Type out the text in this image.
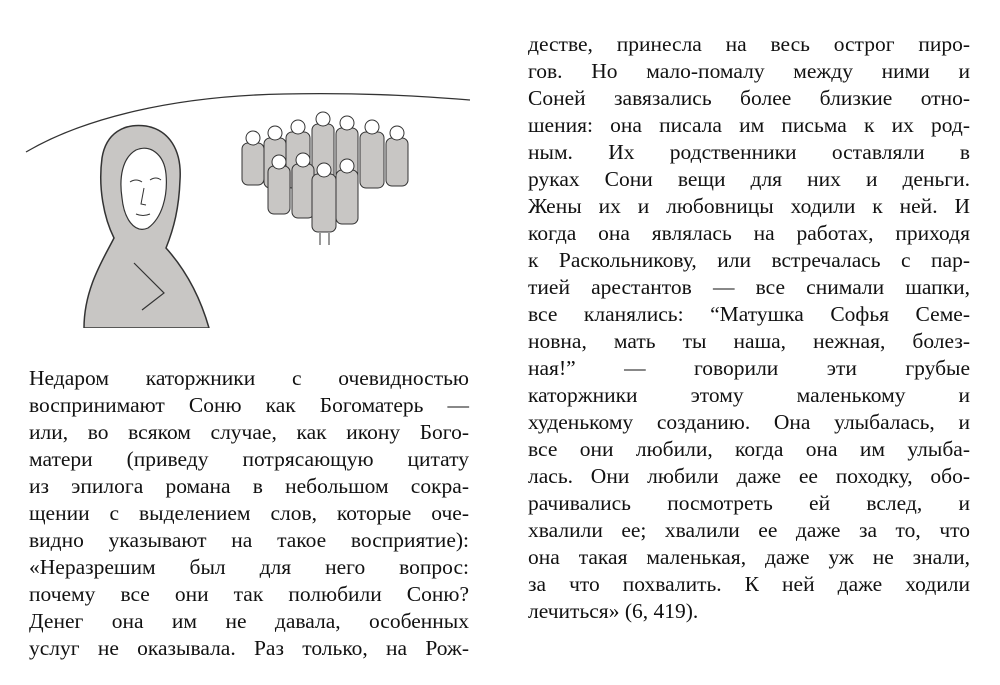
Недаром каторжники с очевидностью
воспринимают Соню как Богоматерь —
или, во всяком случае, как икону Бого-
матери (приведу потрясающую цитату
из эпилога романа в небольшом сокра-
щении с выделением слов, которые оче-
видно указывают на такое восприятие):
«Неразрешим был для него вопрос:
почему все они так полюбили Соню?
Денег она им не давала, особенных
услуг не оказывала. Раз только, на Рож-
дестве, принесла на весь острог пиро-
гов. Но мало-помалу между ними и
Соней завязались более близкие отно-
шения: она писала им письма к их род-
ным. Их родственники оставляли в
руках Сони вещи для них и деньги.
Жены их и любовницы ходили к ней. И
когда она являлась на работах, приходя
к Раскольникову, или встречалась с пар-
тией арестантов — все снимали шапки,
все кланялись: “Матушка Софья Семе-
новна, мать ты наша, нежная, болез-
ная!” — говорили эти грубые
каторжники этому маленькому и
худенькому созданию. Она улыбалась, и
все они любили, когда она им улыба-
лась. Они любили даже ее походку, обо-
рачивались посмотреть ей вслед, и
хвалили ее; хвалили ее даже за то, что
она такая маленькая, даже уж не знали,
за что похвалить. К ней даже ходили
лечиться» (6, 419).
